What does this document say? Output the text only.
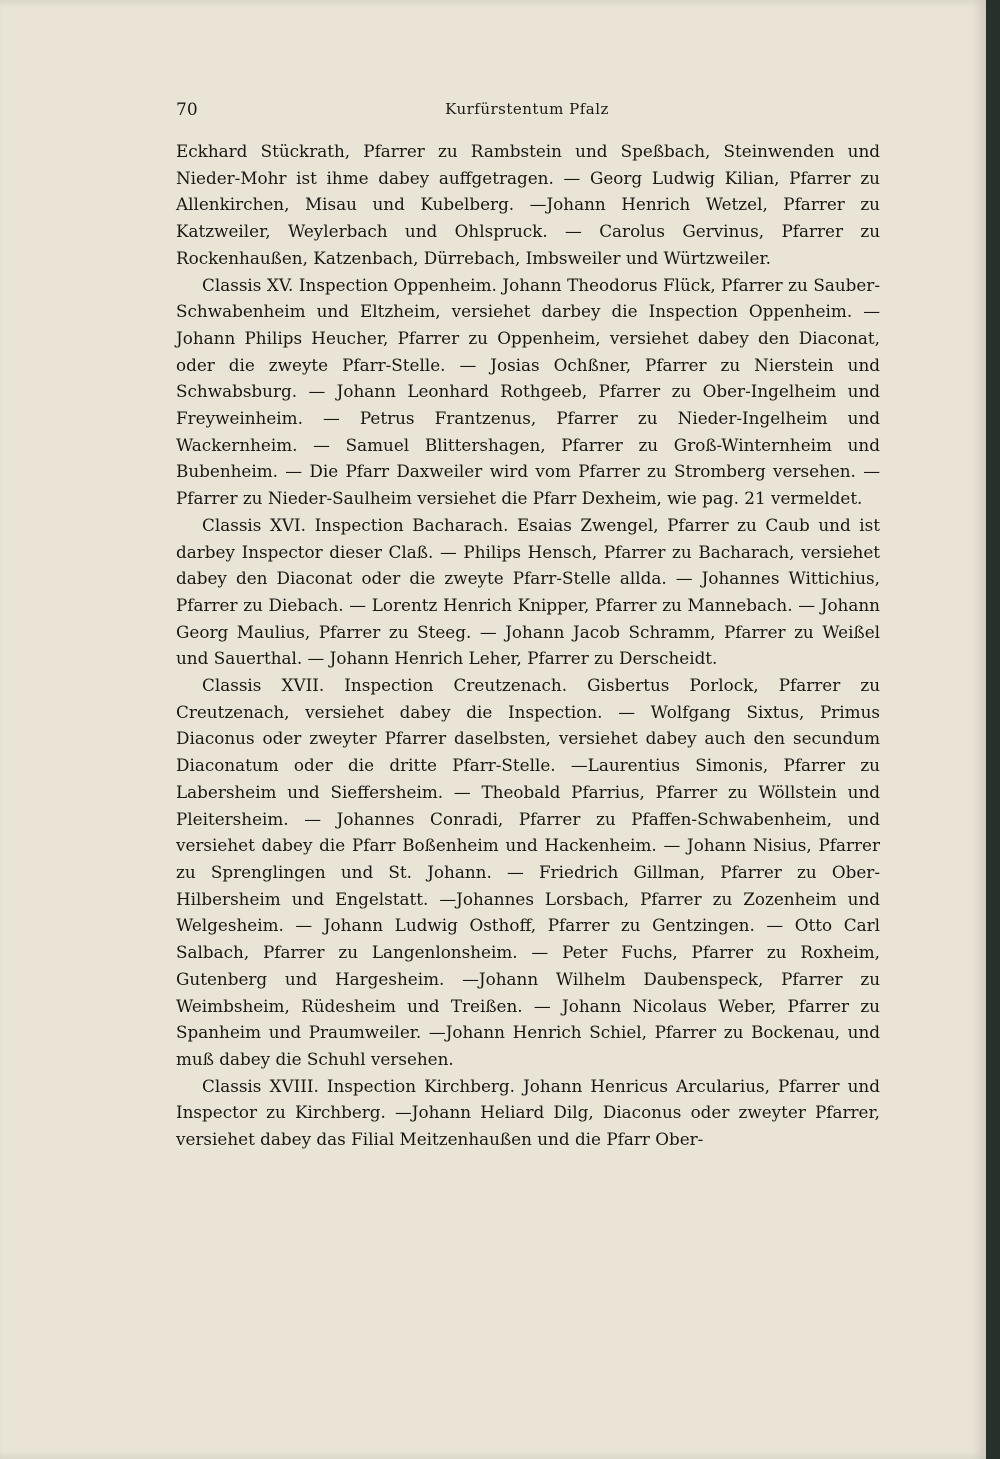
70	Kurfürstentum Pfalz

Eckhard Stückrath, Pfarrer zu Rambstein und Speßbach, Steinwenden und Nieder-Mohr ist ihme dabey auffgetragen. — Georg Ludwig Kilian, Pfarrer zu Allenkirchen, Misau und Kubelberg. —Johann Henrich Wetzel, Pfarrer zu Katzweiler, Weylerbach und Ohlspruck. — Carolus Gervinus, Pfarrer zu Rockenhaußen, Katzenbach, Dürrebach, Imbsweiler und Würtzweiler.

Classis XV. Inspection Oppenheim. Johann Theodorus Flück, Pfarrer zu Sauber-Schwabenheim und Eltzheim, versiehet darbey die Inspection Oppenheim. — Johann Philips Heucher, Pfarrer zu Oppenheim, versiehet dabey den Diaconat, oder die zweyte Pfarr-Stelle. — Josias Ochßner, Pfarrer zu Nierstein und Schwabsburg. — Johann Leonhard Rothgeeb, Pfarrer zu Ober-Ingelheim und Freyweinheim. — Petrus Frantzenus, Pfarrer zu Nieder-Ingelheim und Wackernheim. — Samuel Blittershagen, Pfarrer zu Groß-Winternheim und Bubenheim. — Die Pfarr Daxweiler wird vom Pfarrer zu Stromberg versehen. — Pfarrer zu Nieder-Saulheim versiehet die Pfarr Dexheim, wie pag. 21 vermeldet.

Classis XVI. Inspection Bacharach. Esaias Zwengel, Pfarrer zu Caub und ist darbey Inspector dieser Claß. — Philips Hensch, Pfarrer zu Bacharach, versiehet dabey den Diaconat oder die zweyte Pfarr-Stelle allda. — Johannes Wittichius, Pfarrer zu Diebach. — Lorentz Henrich Knipper, Pfarrer zu Mannebach. — Johann Georg Maulius, Pfarrer zu Steeg. — Johann Jacob Schramm, Pfarrer zu Weißel und Sauerthal. — Johann Henrich Leher, Pfarrer zu Derscheidt.

Classis XVII. Inspection Creutzenach. Gisbertus Porlock, Pfarrer zu Creutzenach, versiehet dabey die Inspection. — Wolfgang Sixtus, Primus Diaconus oder zweyter Pfarrer daselbsten, versiehet dabey auch den secundum Diaconatum oder die dritte Pfarr-Stelle. —Laurentius Simonis, Pfarrer zu Labersheim und Sieffersheim. — Theobald Pfarrius, Pfarrer zu Wöllstein und Pleitersheim. — Johannes Conradi, Pfarrer zu Pfaffen-Schwabenheim, und versiehet dabey die Pfarr Boßenheim und Hackenheim. — Johann Nisius, Pfarrer zu Sprenglingen und St. Johann. — Friedrich Gillman, Pfarrer zu Ober-Hilbersheim und Engelstatt. —Johannes Lorsbach, Pfarrer zu Zozenheim und Welgesheim. — Johann Ludwig Osthoff, Pfarrer zu Gentzingen. — Otto Carl Salbach, Pfarrer zu Langenlonsheim. — Peter Fuchs, Pfarrer zu Roxheim, Gutenberg und Hargesheim. —Johann Wilhelm Daubenspeck, Pfarrer zu Weimbsheim, Rüdesheim und Treißen. — Johann Nicolaus Weber, Pfarrer zu Spanheim und Praumweiler. —Johann Henrich Schiel, Pfarrer zu Bockenau, und muß dabey die Schuhl versehen.

Classis XVIII. Inspection Kirchberg. Johann Henricus Arcularius, Pfarrer und Inspector zu Kirchberg. —Johann Heliard Dilg, Diaconus oder zweyter Pfarrer, versiehet dabey das Filial Meitzenhaußen und die Pfarr Ober-
